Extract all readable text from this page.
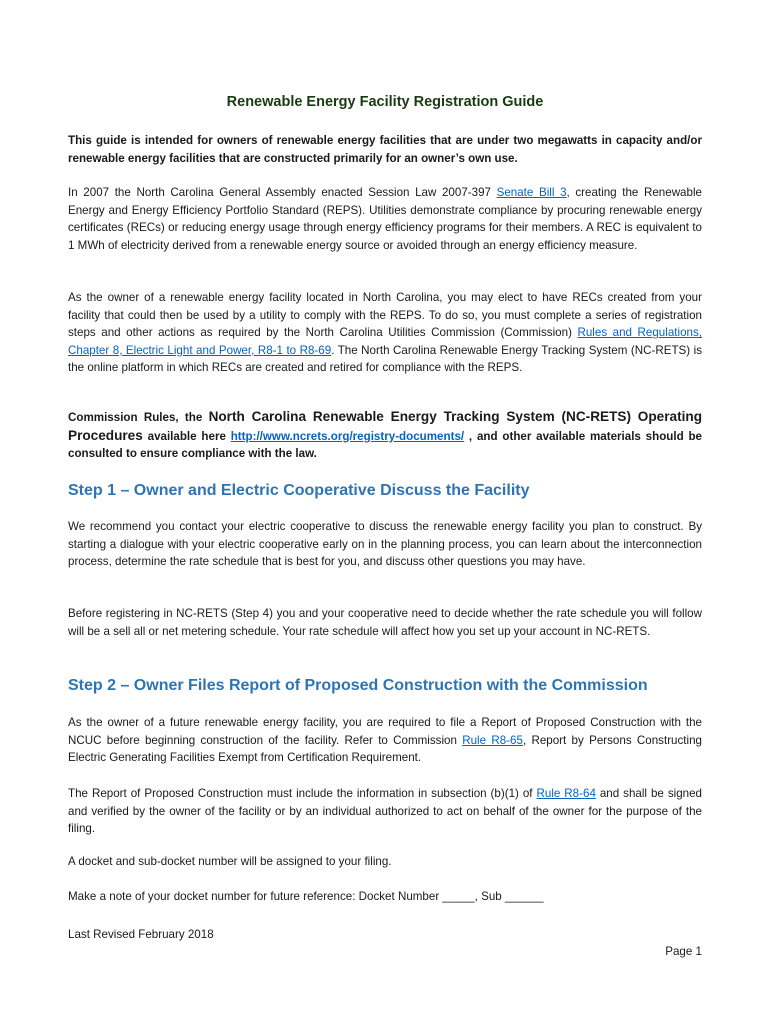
Renewable Energy Facility Registration Guide

This guide is intended for owners of renewable energy facilities that are under two megawatts in capacity and/or renewable energy facilities that are constructed primarily for an owner’s own use.

In 2007 the North Carolina General Assembly enacted Session Law 2007-397 Senate Bill 3, creating the Renewable Energy and Energy Efficiency Portfolio Standard (REPS). Utilities demonstrate compliance by procuring renewable energy certificates (RECs) or reducing energy usage through energy efficiency programs for their members. A REC is equivalent to 1 MWh of electricity derived from a renewable energy source or avoided through an energy efficiency measure.

As the owner of a renewable energy facility located in North Carolina, you may elect to have RECs created from your facility that could then be used by a utility to comply with the REPS. To do so, you must complete a series of registration steps and other actions as required by the North Carolina Utilities Commission (Commission) Rules and Regulations, Chapter 8, Electric Light and Power, R8-1 to R8-69. The North Carolina Renewable Energy Tracking System (NC-RETS) is the online platform in which RECs are created and retired for compliance with the REPS.

Commission Rules, the North Carolina Renewable Energy Tracking System (NC-RETS) Operating Procedures available here http://www.ncrets.org/registry-documents/ , and other available materials should be consulted to ensure compliance with the law.

Step 1 – Owner and Electric Cooperative Discuss the Facility

We recommend you contact your electric cooperative to discuss the renewable energy facility you plan to construct. By starting a dialogue with your electric cooperative early on in the planning process, you can learn about the interconnection process, determine the rate schedule that is best for you, and discuss other questions you may have.

Before registering in NC-RETS (Step 4) you and your cooperative need to decide whether the rate schedule you will follow will be a sell all or net metering schedule. Your rate schedule will affect how you set up your account in NC-RETS.

Step 2 – Owner Files Report of Proposed Construction with the Commission

As the owner of a future renewable energy facility, you are required to file a Report of Proposed Construction with the NCUC before beginning construction of the facility. Refer to Commission Rule R8-65, Report by Persons Constructing Electric Generating Facilities Exempt from Certification Requirement.

The Report of Proposed Construction must include the information in subsection (b)(1) of Rule R8-64 and shall be signed and verified by the owner of the facility or by an individual authorized to act on behalf of the owner for the purpose of the filing.

A docket and sub-docket number will be assigned to your filing.

Make a note of your docket number for future reference: Docket Number _____, Sub ______

Last Revised February 2018
Page 1
